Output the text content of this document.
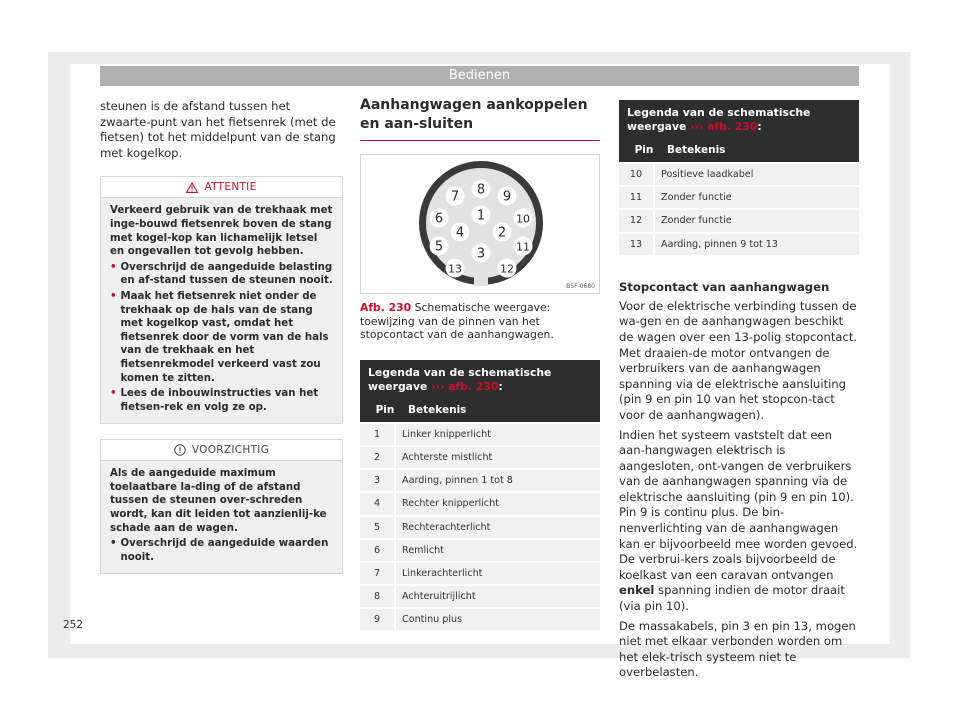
Bedienen
steunen is de afstand tussen het zwaarte-punt van het fietsenrek (met de fietsen) tot het middelpunt van de stang met kogelkop.
ATTENTIE
Verkeerd gebruik van de trekhaak met inge-bouwd fietsenrek boven de stang met kogel-kop kan lichamelijk letsel en ongevallen tot gevolg hebben.
• Overschrijd de aangeduide belasting en af-stand tussen de steunen nooit.
• Maak het fietsenrek niet onder de trekhaak op de hals van de stang met kogelkop vast, omdat het fietsenrek door de vorm van de hals van de trekhaak en het fietsenrekmodel verkeerd vast zou komen te zitten.
• Lees de inbouwinstructies van het fietsen-rek en volg ze op.
VOORZICHTIG
Als de aangeduide maximum toelaatbare la-ding of de afstand tussen de steunen over-schreden wordt, kan dit leiden tot aanzienlij-ke schade aan de wagen.
• Overschrijd de aangeduide waarden nooit.
Aanhangwagen aankoppelen en aan-sluiten
1
2
3
4
5
6
7 8 9
10
11
12
13
B5F-0680
Afb. 230 Schematische weergave: toewijzing van de pinnen van het stopcontact van de aanhangwagen.
Legenda van de schematische weergave ››› afb. 230:
Pin	Betekenis
1	Linker knipperlicht
2	Achterste mistlicht
3	Aarding, pinnen 1 tot 8
4	Rechter knipperlicht
5	Rechterachterlicht
6	Remlicht
7	Linkerachterlicht
8	Achteruitrijlicht
9	Continu plus
Legenda van de schematische weergave ››› afb. 230:
Pin	Betekenis
10	Positieve laadkabel
11	Zonder functie
12	Zonder functie
13	Aarding, pinnen 9 tot 13
Stopcontact van aanhangwagen

Voor de elektrische verbinding tussen de wa-gen en de aanhangwagen beschikt de wagen over een 13-polig stopcontact. Met draaien-de motor ontvangen de verbruikers van de aanhangwagen spanning via de elektrische aansluiting (pin 9 en pin 10 van het stopcon-tact voor de aanhangwagen).

Indien het systeem vaststelt dat een aan-hangwagen elektrisch is aangesloten, ont-vangen de verbruikers van de aanhangwagen spanning via de elektrische aansluiting (pin 9 en pin 10). Pin 9 is continu plus. De bin-nenverlichting van de aanhangwagen kan er bijvoorbeeld mee worden gevoed. De verbrui-kers zoals bijvoorbeeld de koelkast van een caravan ontvangen enkel spanning indien de motor draait (via pin 10).

De massakabels, pin 3 en pin 13, mogen niet met elkaar verbonden worden om het elek-trisch systeem niet te overbelasten.

252
